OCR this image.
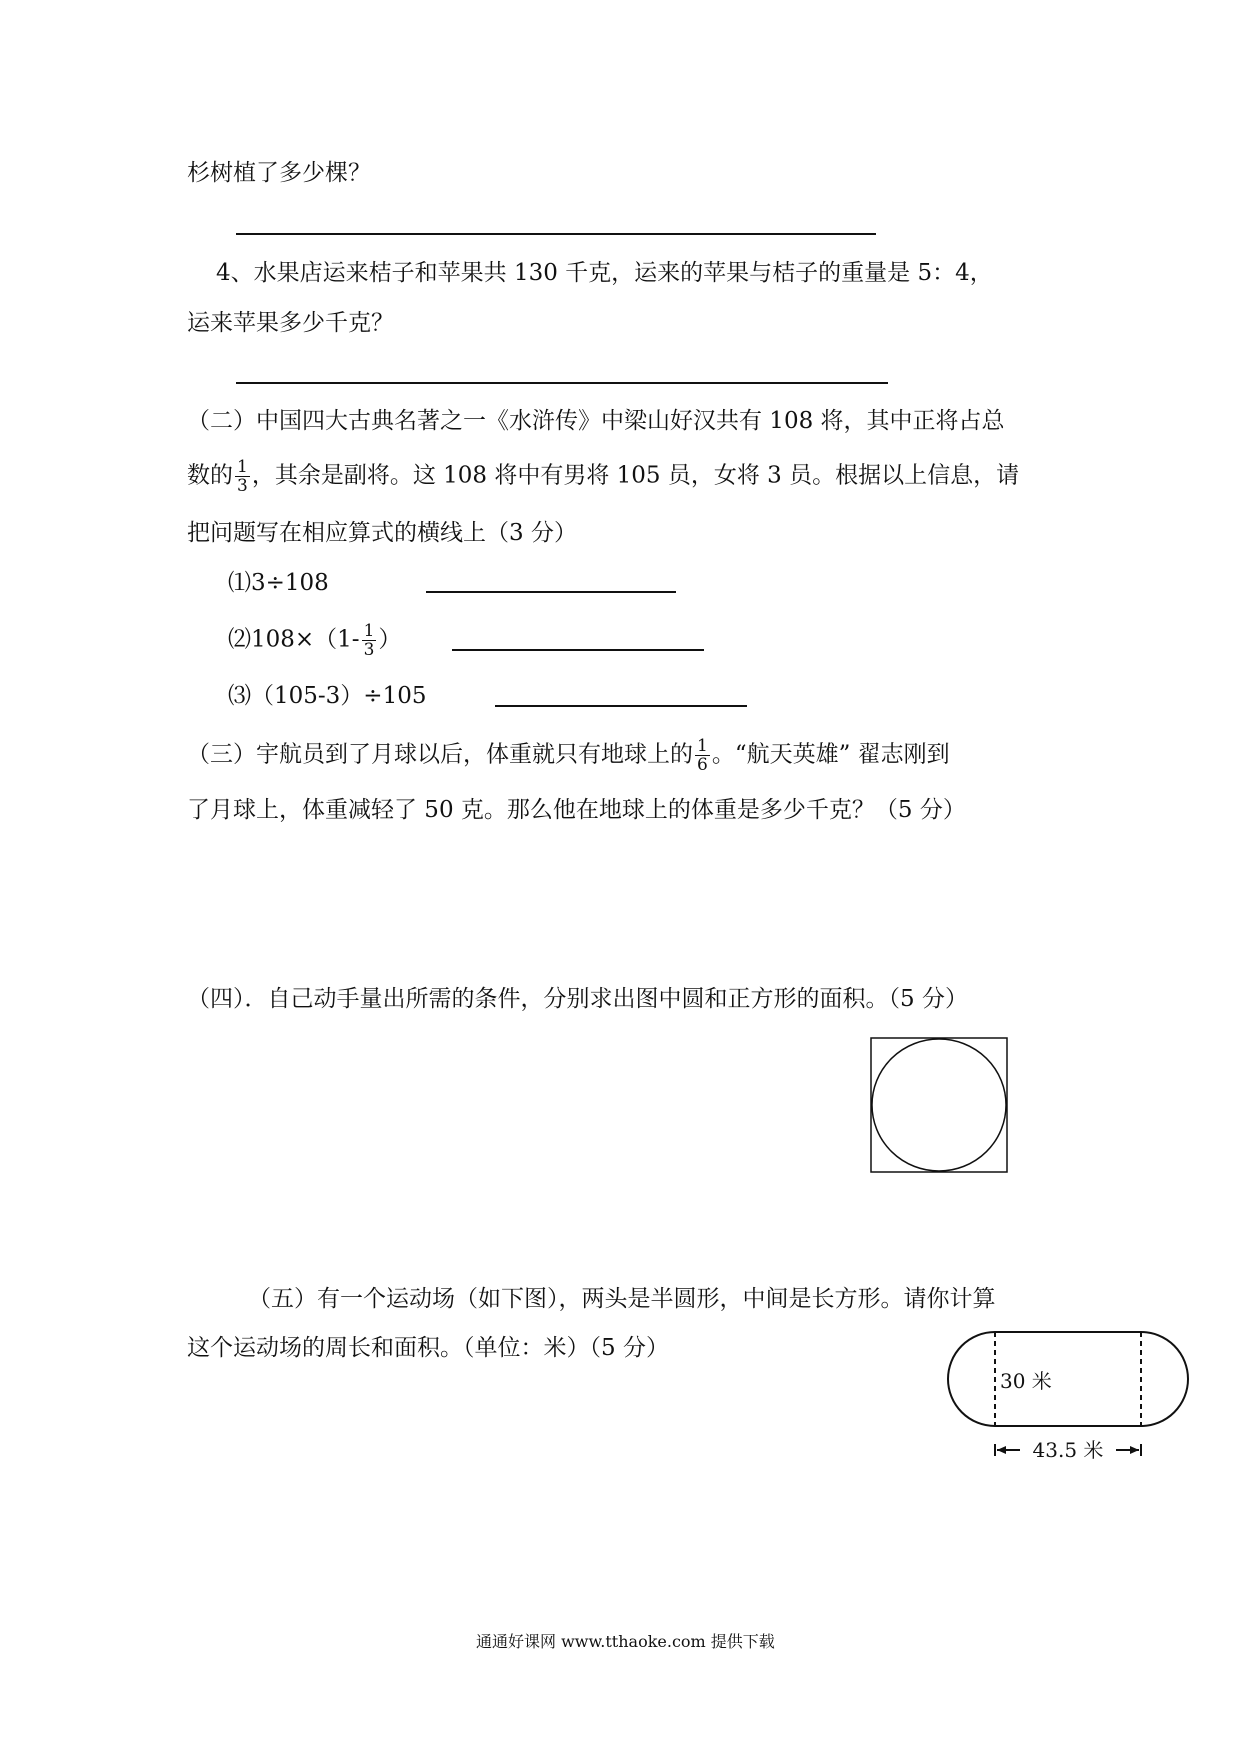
杉树植了多少棵？
4、水果店运来桔子和苹果共 130 千克，运来的苹果与桔子的重量是 5：4，
运来苹果多少千克？
（二）中国四大古典名著之一《水浒传》中梁山好汉共有 108 将，其中正将占总
数的 $\frac{1}{3}$ ，其余是副将。这 108 将中有男将 105 员，女将 3 员。根据以上信息，请
把问题写在相应算式的横线上（3 分）
⑴3÷108
⑵108×（1- $\frac{1}{3}$ ）
⑶（105-3）÷105
（三）宇航员到了月球以后，体重就只有地球上的 $\frac{1}{6}$ 。“航天英雄” 翟志刚到
了月球上，体重减轻了 50 克。那么他在地球上的体重是多少千克？（5 分）
（四）．自己动手量出所需的条件，分别求出图中圆和正方形的面积。（5 分）
（五）有一个运动场（如下图），两头是半圆形，中间是长方形。请你计算
这个运动场的周长和面积。（单位：米）（5 分）
43.5 米
30 米
通通好课网 www.tthaoke.com 提供下载
